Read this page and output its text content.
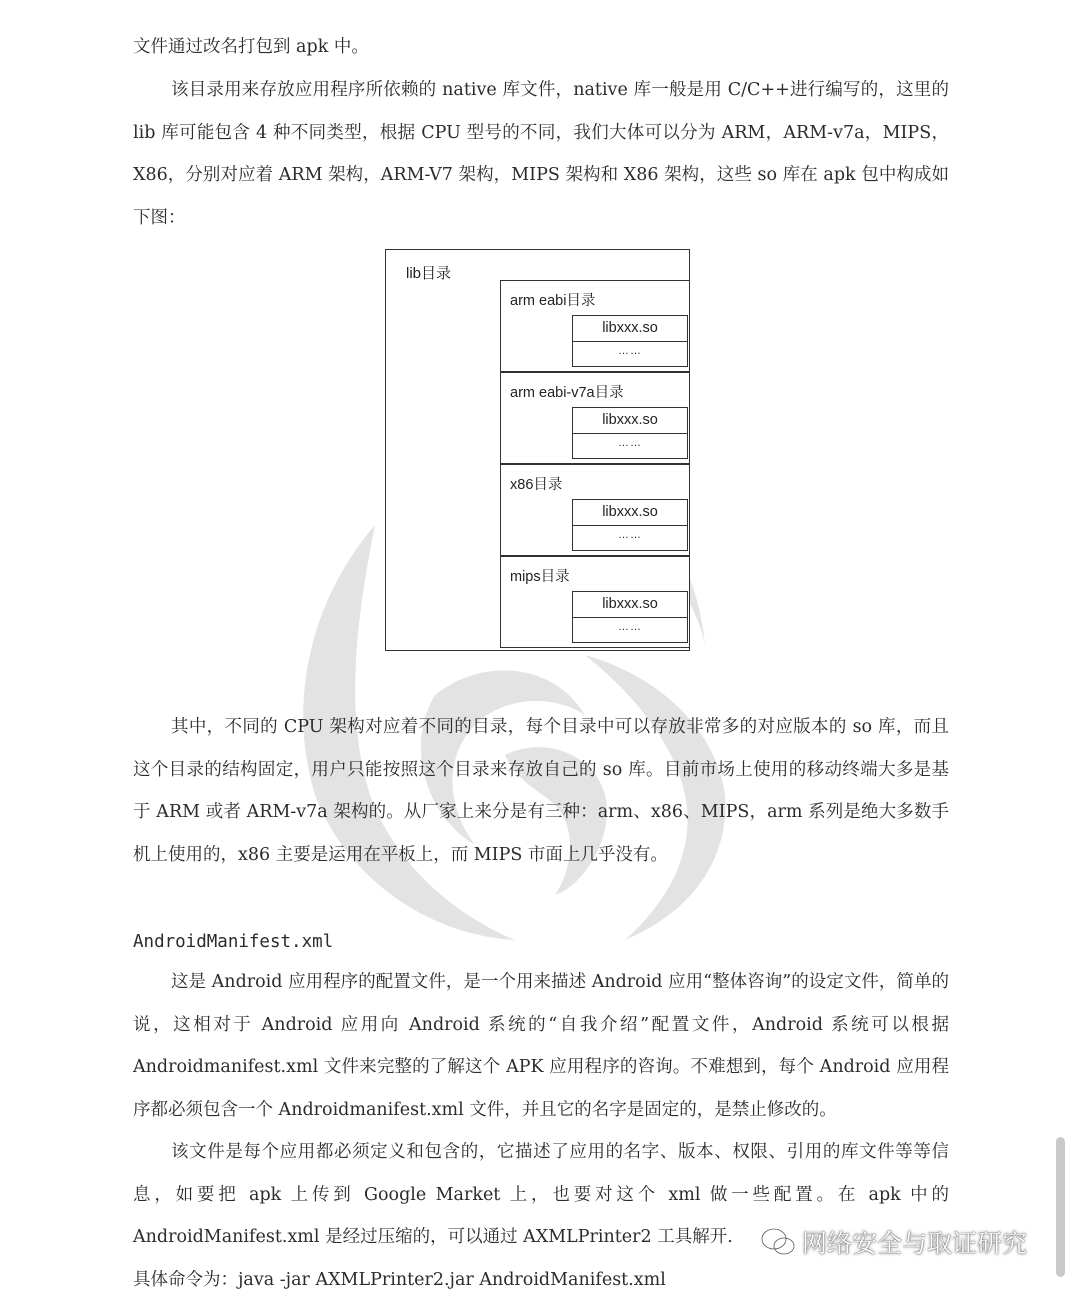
文件通过改名打包到 apk 中。
该目录用来存放应用程序所依赖的 native 库文件，native 库一般是用 C/C++进行编写的，这里的 lib 库可能包含 4 种不同类型，根据 CPU 型号的不同，我们大体可以分为 ARM，ARM-v7a，MIPS，X86，分别对应着 ARM 架构，ARM-V7 架构，MIPS 架构和 X86 架构，这些 so 库在 apk 包中构成如下图：
lib目录
arm eabi目录
libxxx.so
……
arm eabi-v7a目录
libxxx.so
……
x86目录
libxxx.so
……
mips目录
libxxx.so
……
其中，不同的 CPU 架构对应着不同的目录，每个目录中可以存放非常多的对应版本的 so 库，而且这个目录的结构固定，用户只能按照这个目录来存放自己的 so 库。目前市场上使用的移动终端大多是基于 ARM 或者 ARM-v7a 架构的。从厂家上来分是有三种：arm、x86、MIPS，arm 系列是绝大多数手机上使用的，x86 主要是运用在平板上，而 MIPS 市面上几乎没有。
AndroidManifest.xml
这是 Android 应用程序的配置文件，是一个用来描述 Android 应用“整体咨询”的设定文件，简单的说，这相对于 Android 应用向 Android 系统的“自我介绍”配置文件，Android 系统可以根据 Androidmanifest.xml 文件来完整的了解这个 APK 应用程序的咨询。不难想到，每个 Android 应用程序都必须包含一个 Androidmanifest.xml 文件，并且它的名字是固定的，是禁止修改的。
该文件是每个应用都必须定义和包含的，它描述了应用的名字、版本、权限、引用的库文件等等信息，如要把 apk 上传到 Google Market 上，也要对这个 xml 做一些配置。在 apk 中的 AndroidManifest.xml 是经过压缩的，可以通过 AXMLPrinter2 工具解开.
具体命令为：java -jar AXMLPrinter2.jar AndroidManifest.xml
网络安全与取证研究
